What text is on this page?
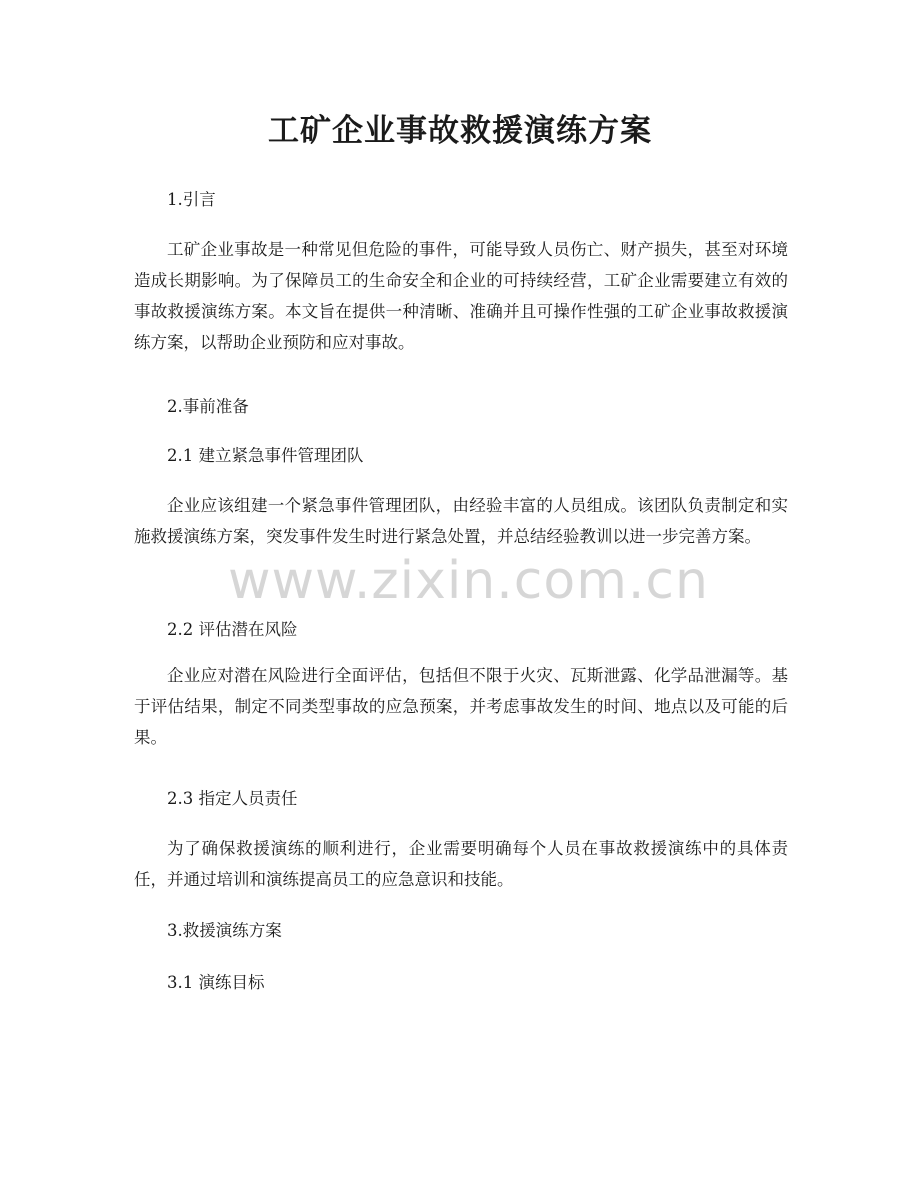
工矿企业事故救援演练方案

www.zixin.com.cn

1.引言

工矿企业事故是一种常见但危险的事件，可能导致人员伤亡、财产损失，甚至对环境造成长期影响。为了保障员工的生命安全和企业的可持续经营，工矿企业需要建立有效的事故救援演练方案。本文旨在提供一种清晰、准确并且可操作性强的工矿企业事故救援演练方案，以帮助企业预防和应对事故。

2.事前准备

2.1 建立紧急事件管理团队

企业应该组建一个紧急事件管理团队，由经验丰富的人员组成。该团队负责制定和实施救援演练方案，突发事件发生时进行紧急处置，并总结经验教训以进一步完善方案。

2.2 评估潜在风险

企业应对潜在风险进行全面评估，包括但不限于火灾、瓦斯泄露、化学品泄漏等。基于评估结果，制定不同类型事故的应急预案，并考虑事故发生的时间、地点以及可能的后果。

2.3 指定人员责任

为了确保救援演练的顺利进行，企业需要明确每个人员在事故救援演练中的具体责任，并通过培训和演练提高员工的应急意识和技能。

3.救援演练方案

3.1 演练目标
